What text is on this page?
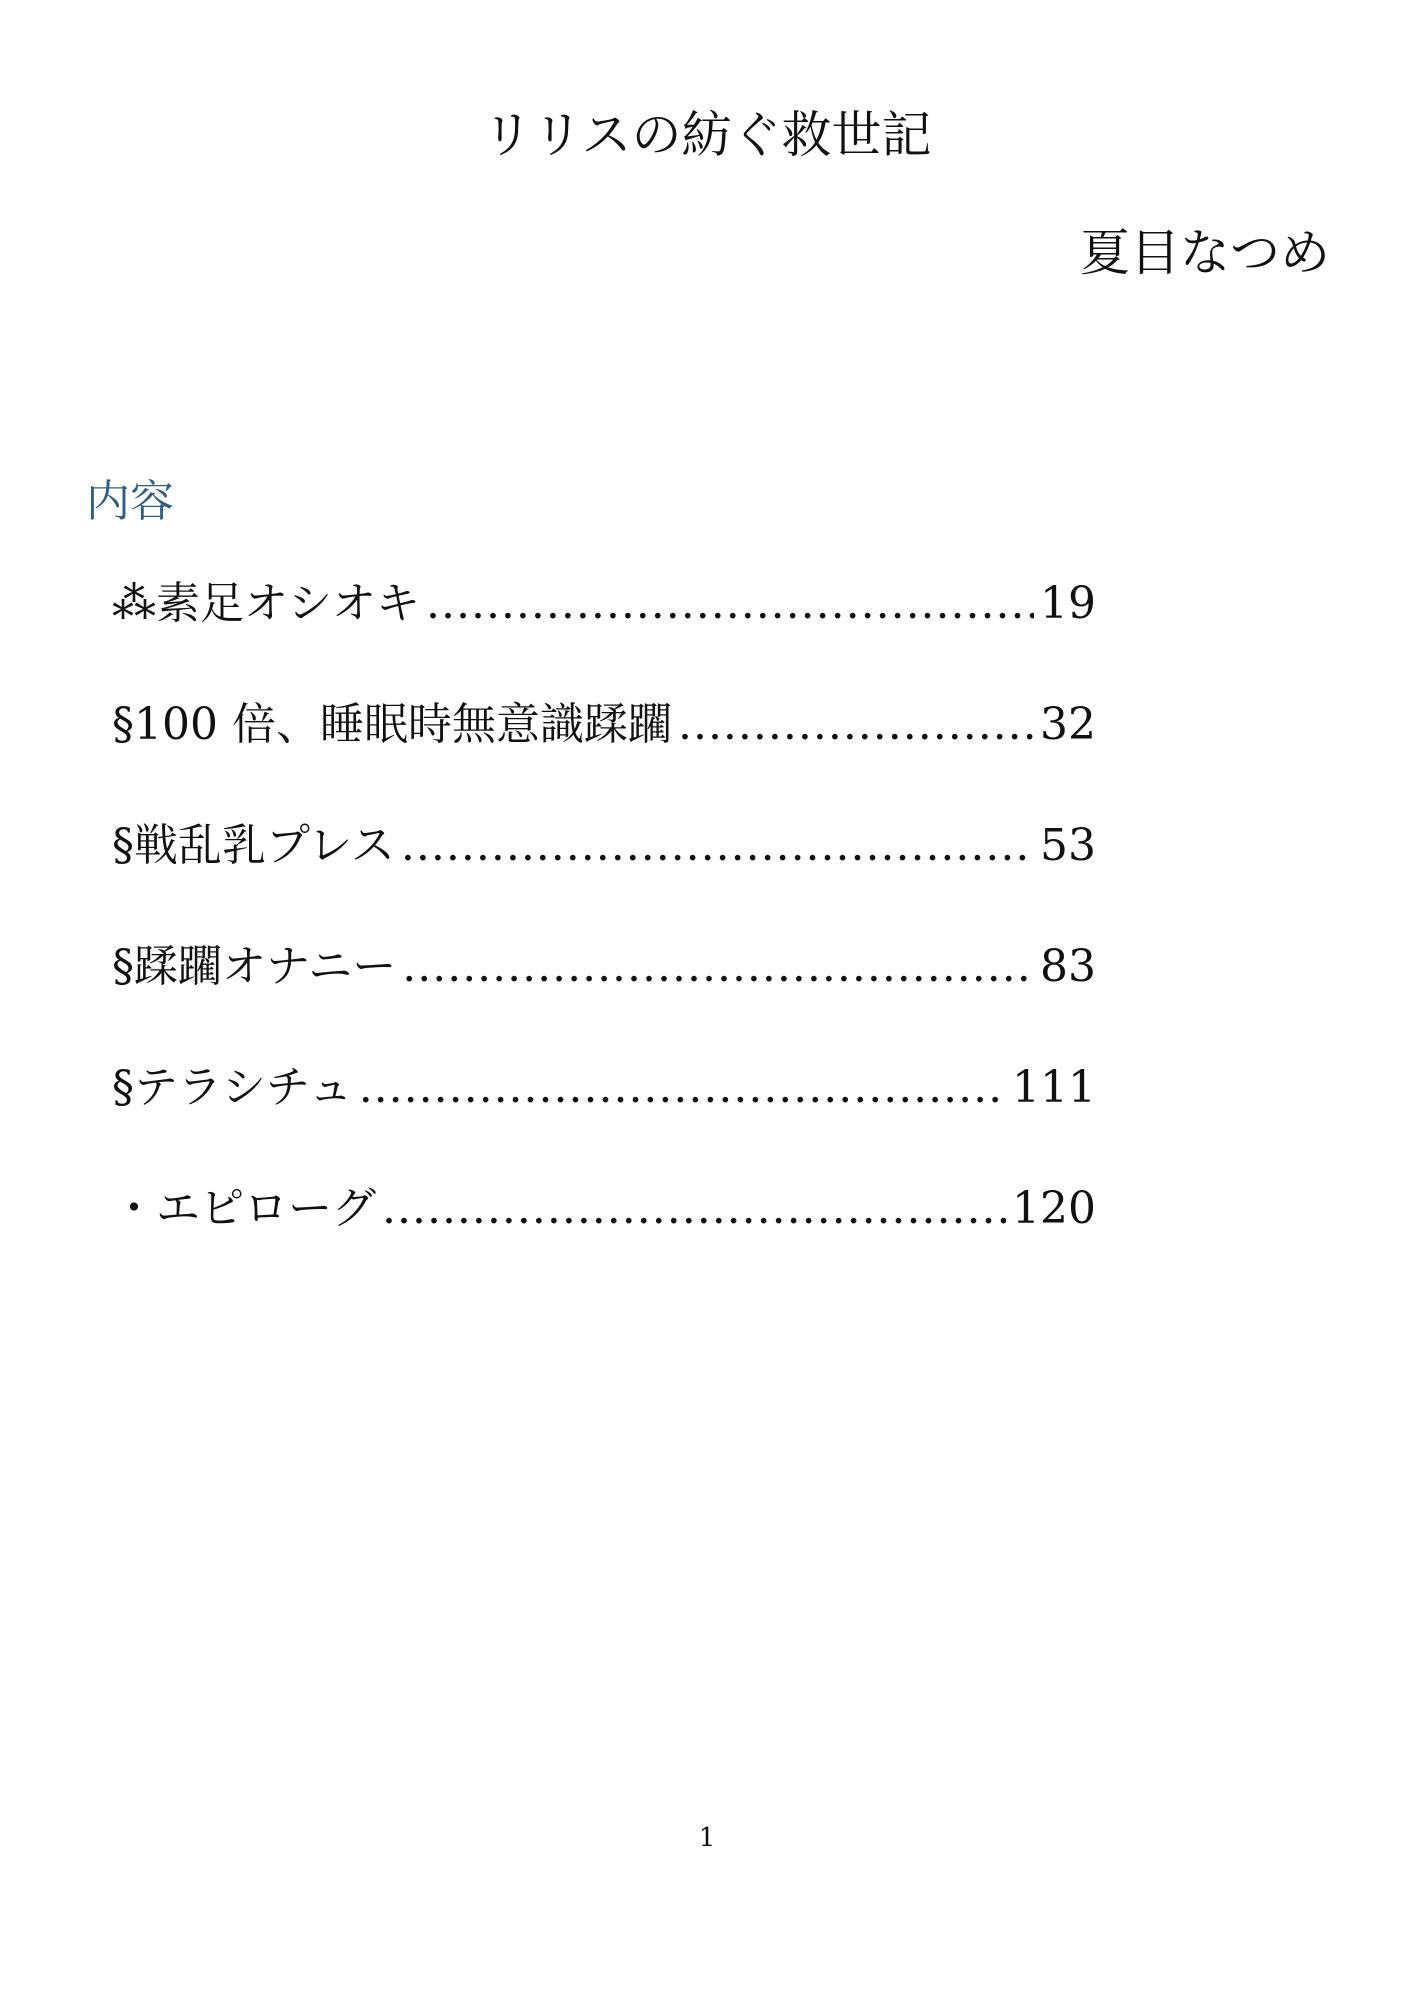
リリスの紡ぐ救世記
夏目なつめ
内容
⁂素足オシオキ .....	19
§100 倍、睡眠時無意識蹂躙 .....	32
§戦乱乳プレス .....	53
§蹂躙オナニー .....	83
§テラシチュ .....	111
・エピローグ .....	120
1
